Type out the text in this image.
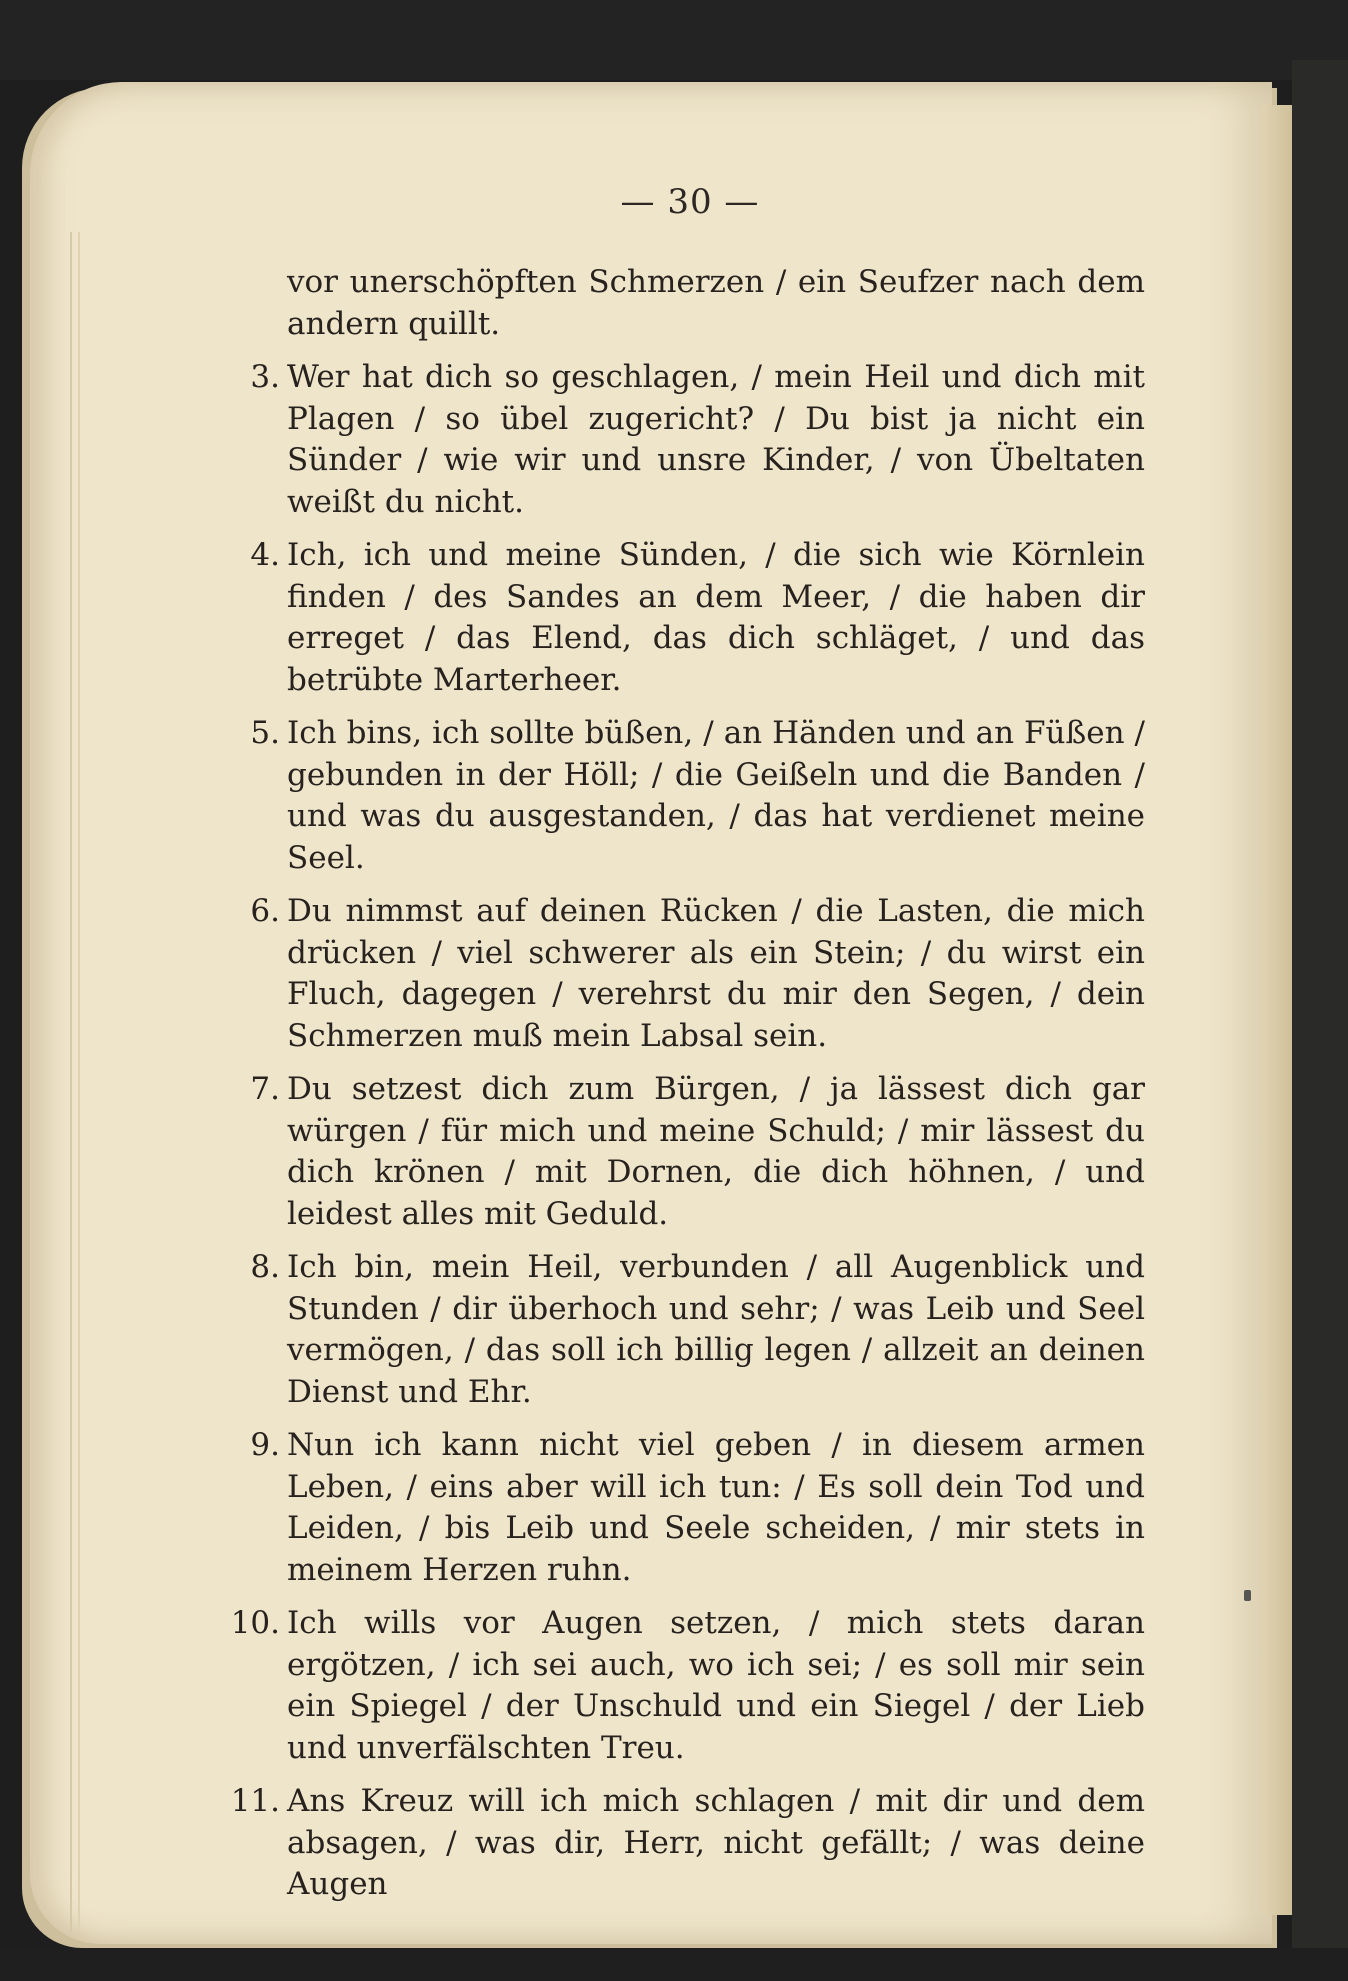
— 30 —
vor unerschöpften Schmerzen / ein Seufzer nach dem andern quillt.
3. Wer hat dich so geschlagen, / mein Heil und dich mit Plagen / so übel zugericht? / Du bist ja nicht ein Sünder / wie wir und unsre Kinder, / von Übeltaten weißt du nicht.
4. Ich, ich und meine Sünden, / die sich wie Körnlein finden / des Sandes an dem Meer, / die haben dir erreget / das Elend, das dich schläget, / und das betrübte Marterheer.
5. Ich bins, ich sollte büßen, / an Händen und an Füßen / gebunden in der Höll; / die Geißeln und die Banden / und was du ausgestanden, / das hat verdienet meine Seel.
6. Du nimmst auf deinen Rücken / die Lasten, die mich drücken / viel schwerer als ein Stein; / du wirst ein Fluch, dagegen / verehrst du mir den Segen, / dein Schmerzen muß mein Labsal sein.
7. Du setzest dich zum Bürgen, / ja lässest dich gar würgen / für mich und meine Schuld; / mir lässest du dich krönen / mit Dornen, die dich höhnen, / und leidest alles mit Geduld.
8. Ich bin, mein Heil, verbunden / all Augenblick und Stunden / dir überhoch und sehr; / was Leib und Seel vermögen, / das soll ich billig legen / allzeit an deinen Dienst und Ehr.
9. Nun ich kann nicht viel geben / in diesem armen Leben, / eins aber will ich tun: / Es soll dein Tod und Leiden, / bis Leib und Seele scheiden, / mir stets in meinem Herzen ruhn.
10. Ich wills vor Augen setzen, / mich stets daran ergötzen, / ich sei auch, wo ich sei; / es soll mir sein ein Spiegel / der Unschuld und ein Siegel / der Lieb und unverfälschten Treu.
11. Ans Kreuz will ich mich schlagen / mit dir und dem absagen, / was dir, Herr, nicht gefällt; / was deine Augen
